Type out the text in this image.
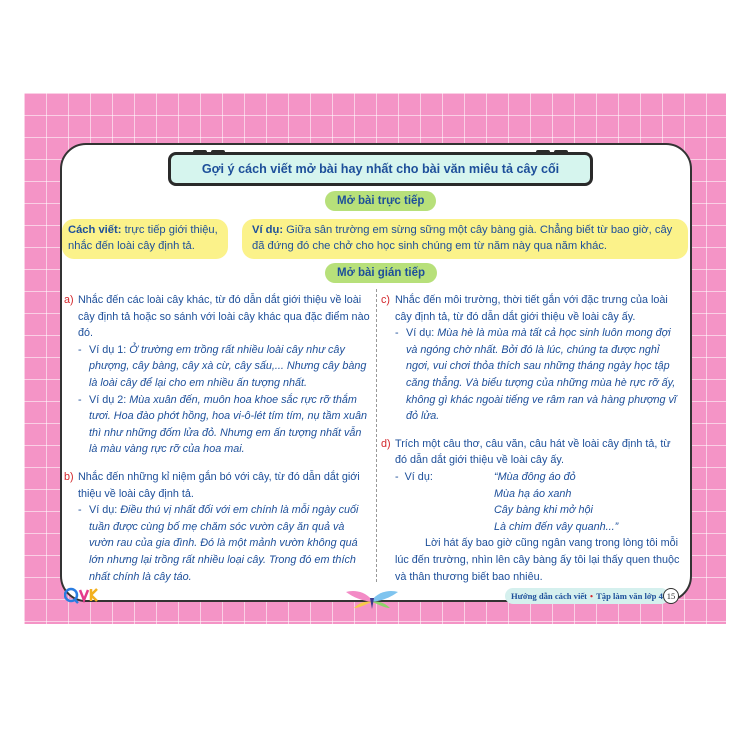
Gợi ý cách viết mở bài hay nhất cho bài văn miêu tả cây cối
Mở bài trực tiếp
Cách viết: trực tiếp giới thiệu, nhắc đến loài cây định tả.
Ví dụ: Giữa sân trường em sừng sững một cây bàng già. Chẳng biết từ bao giờ, cây đã đứng đó che chở cho học sinh chúng em từ năm này qua năm khác.
Mở bài gián tiếp
a) Nhắc đến các loài cây khác, từ đó dẫn dắt giới thiệu về loài cây định tả hoặc so sánh với loài cây khác qua đặc điểm nào đó.
- Ví dụ 1: Ở trường em trồng rất nhiều loài cây như cây phượng, cây bàng, cây xà cừ, cây sấu,... Nhưng cây bàng là loài cây để lại cho em nhiều ấn tượng nhất.
- Ví dụ 2: Mùa xuân đến, muôn hoa khoe sắc rực rỡ thắm tươi. Hoa đào phớt hồng, hoa vi-ô-lét tím tím, nụ tầm xuân thì như những đốm lửa đỏ. Nhưng em ấn tượng nhất vẫn là màu vàng rực rỡ của hoa mai.
b) Nhắc đến những kỉ niệm gắn bó với cây, từ đó dẫn dắt giới thiệu về loài cây định tả.
- Ví dụ: Điều thú vị nhất đối với em chính là mỗi ngày cuối tuần được cùng bố mẹ chăm sóc vườn cây ăn quả và vườn rau của gia đình. Đó là một mảnh vườn không quá lớn nhưng lại trồng rất nhiều loại cây. Trong đó em thích nhất chính là cây táo.
c) Nhắc đến môi trường, thời tiết gắn với đặc trưng của loài cây định tả, từ đó dẫn dắt giới thiệu về loài cây ấy.
- Ví dụ: Mùa hè là mùa mà tất cả học sinh luôn mong đợi và ngóng chờ nhất. Bởi đó là lúc, chúng ta được nghỉ ngơi, vui chơi thỏa thích sau những tháng ngày học tập căng thẳng. Và biểu tượng của những mùa hè rực rỡ ấy, không gì khác ngoài tiếng ve râm ran và hàng phượng vĩ đỏ lửa.
d) Trích một câu thơ, câu văn, câu hát về loài cây định tả, từ đó dẫn dắt giới thiệu về loài cây ấy.
- Ví dụ:	“Mùa đông áo đỏ
Mùa hạ áo xanh
Cây bàng khi mở hội
Là chim đến vây quanh...”
Lời hát ấy bao giờ cũng ngân vang trong lòng tôi mỗi lúc đến trường, nhìn lên cây bàng ấy tôi lại thấy quen thuộc và thân thương biết bao nhiêu.
Hướng dẫn cách viết • Tập làm văn lớp 4 15
